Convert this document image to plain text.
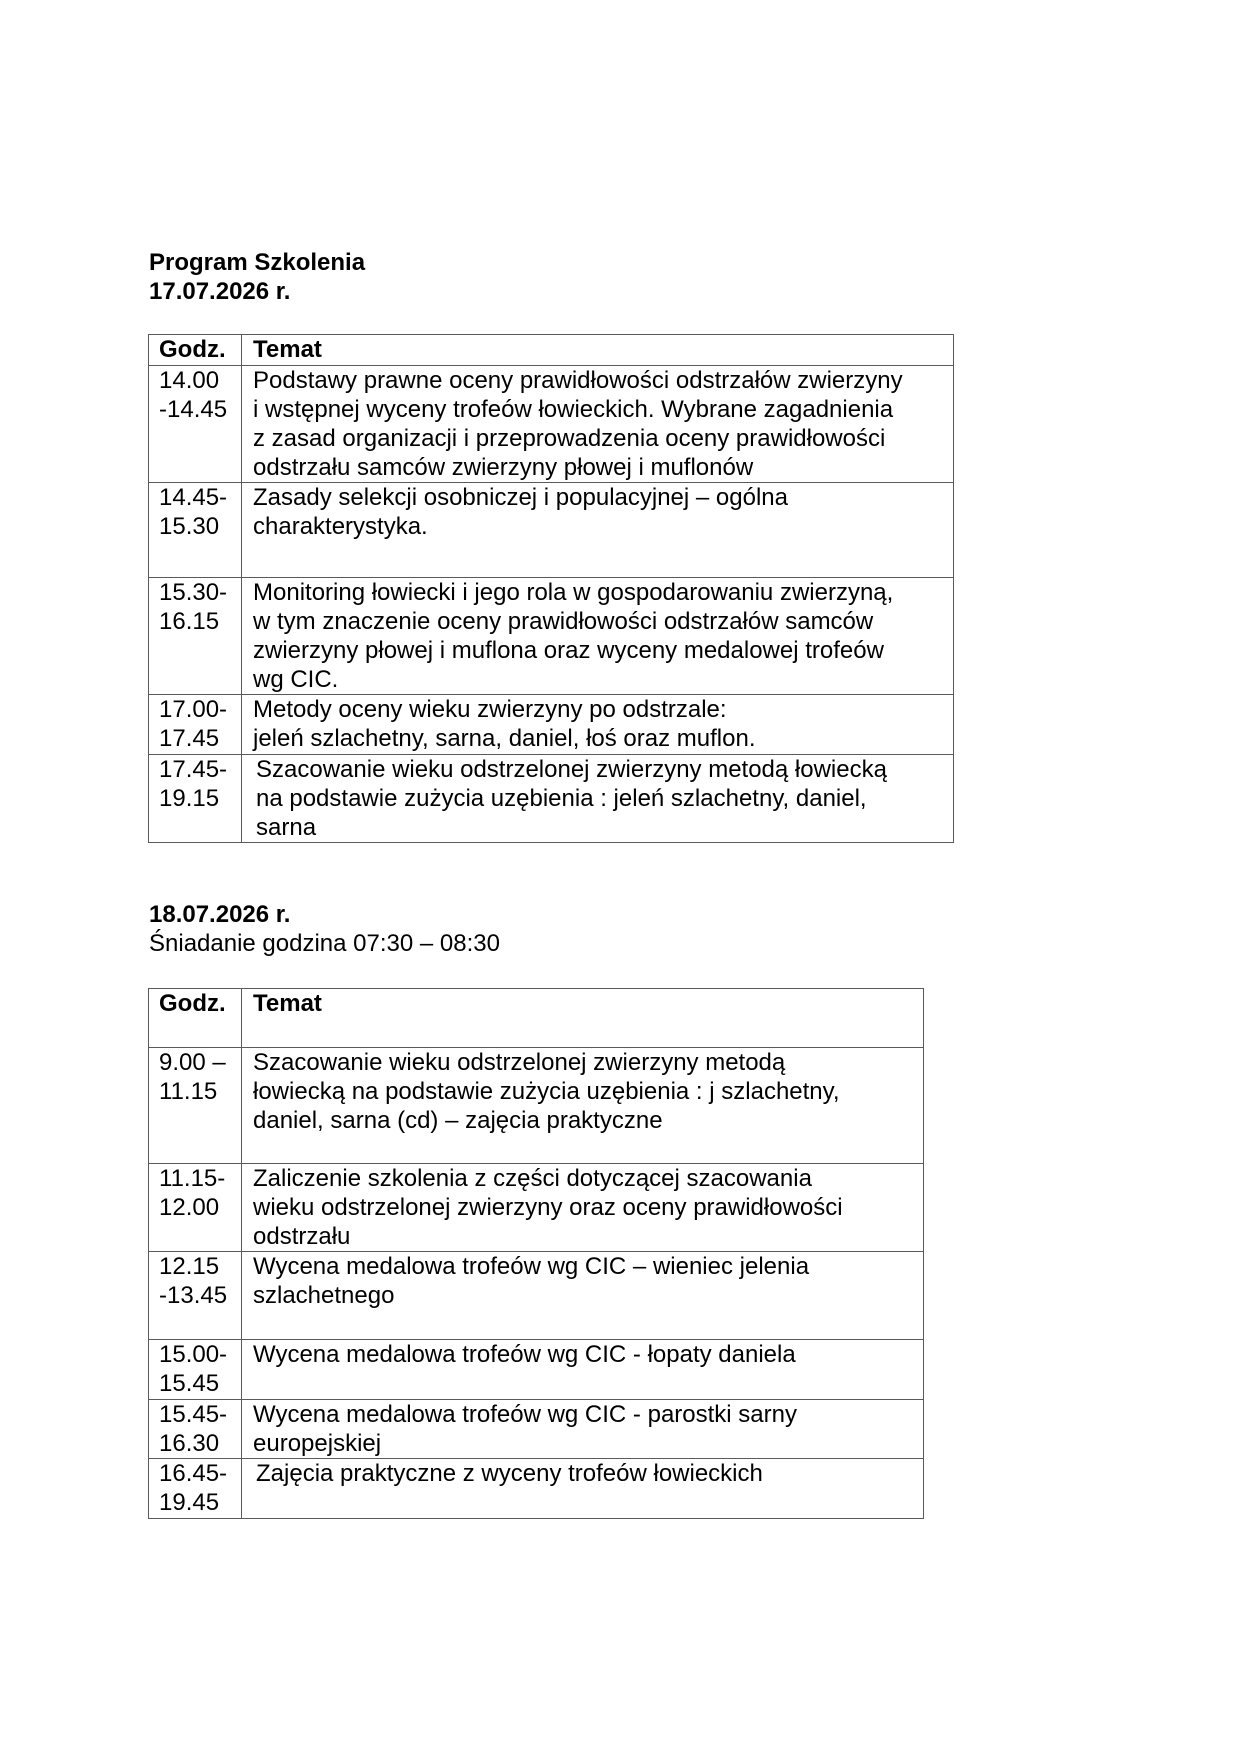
Program Szkolenia
17.07.2026 r.
Godz.	Temat

14.00
-14.45	Podstawy prawne oceny prawidłowości odstrzałów zwierzyny
i wstępnej wyceny trofeów łowieckich. Wybrane zagadnienia
z zasad organizacji i przeprowadzenia oceny prawidłowości
odstrzału samców zwierzyny płowej i muflonów

14.45-
15.30	Zasady selekcji osobniczej i populacyjnej – ogólna
charakterystyka.

15.30-
16.15	Monitoring łowiecki i jego rola w gospodarowaniu zwierzyną,
w tym znaczenie oceny prawidłowości odstrzałów samców
zwierzyny płowej i muflona oraz wyceny medalowej trofeów
wg CIC.

17.00-
17.45	Metody oceny wieku zwierzyny po odstrzale:
jeleń szlachetny, sarna, daniel, łoś oraz muflon.

17.45-
19.15	Szacowanie wieku odstrzelonej zwierzyny metodą łowiecką
na podstawie zużycia uzębienia : jeleń szlachetny, daniel,
sarna
18.07.2026 r.
Śniadanie godzina 07:30 – 08:30
Godz.	Temat

9.00 –
11.15	Szacowanie wieku odstrzelonej zwierzyny metodą
łowiecką na podstawie zużycia uzębienia : j szlachetny,
daniel, sarna (cd) – zajęcia praktyczne

11.15-
12.00	Zaliczenie szkolenia z części dotyczącej szacowania
wieku odstrzelonej zwierzyny oraz oceny prawidłowości
odstrzału

12.15
-13.45	Wycena medalowa trofeów wg CIC – wieniec jelenia
szlachetnego

15.00-
15.45	Wycena medalowa trofeów wg CIC - łopaty daniela

15.45-
16.30	Wycena medalowa trofeów wg CIC - parostki sarny
europejskiej

16.45-
19.45	Zajęcia praktyczne z wyceny trofeów łowieckich
